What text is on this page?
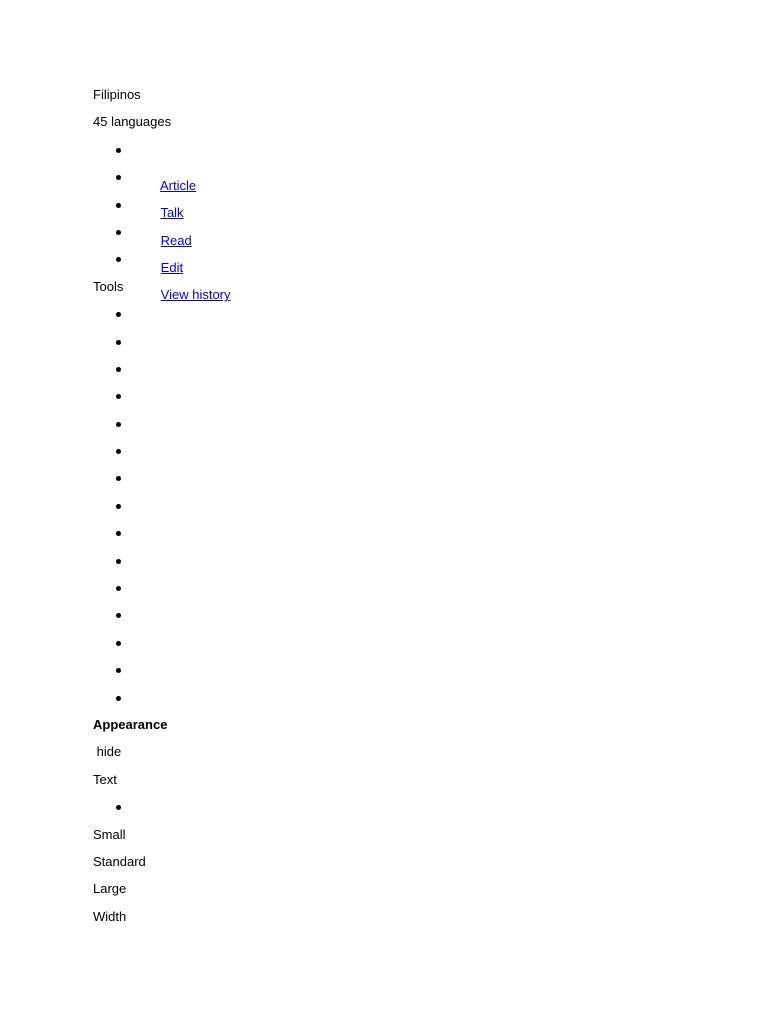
Filipinos
45 languages

Article

Talk

Read

Edit

View history

Tools
Appearance
hide
Text
Small
Standard
Large
Width
